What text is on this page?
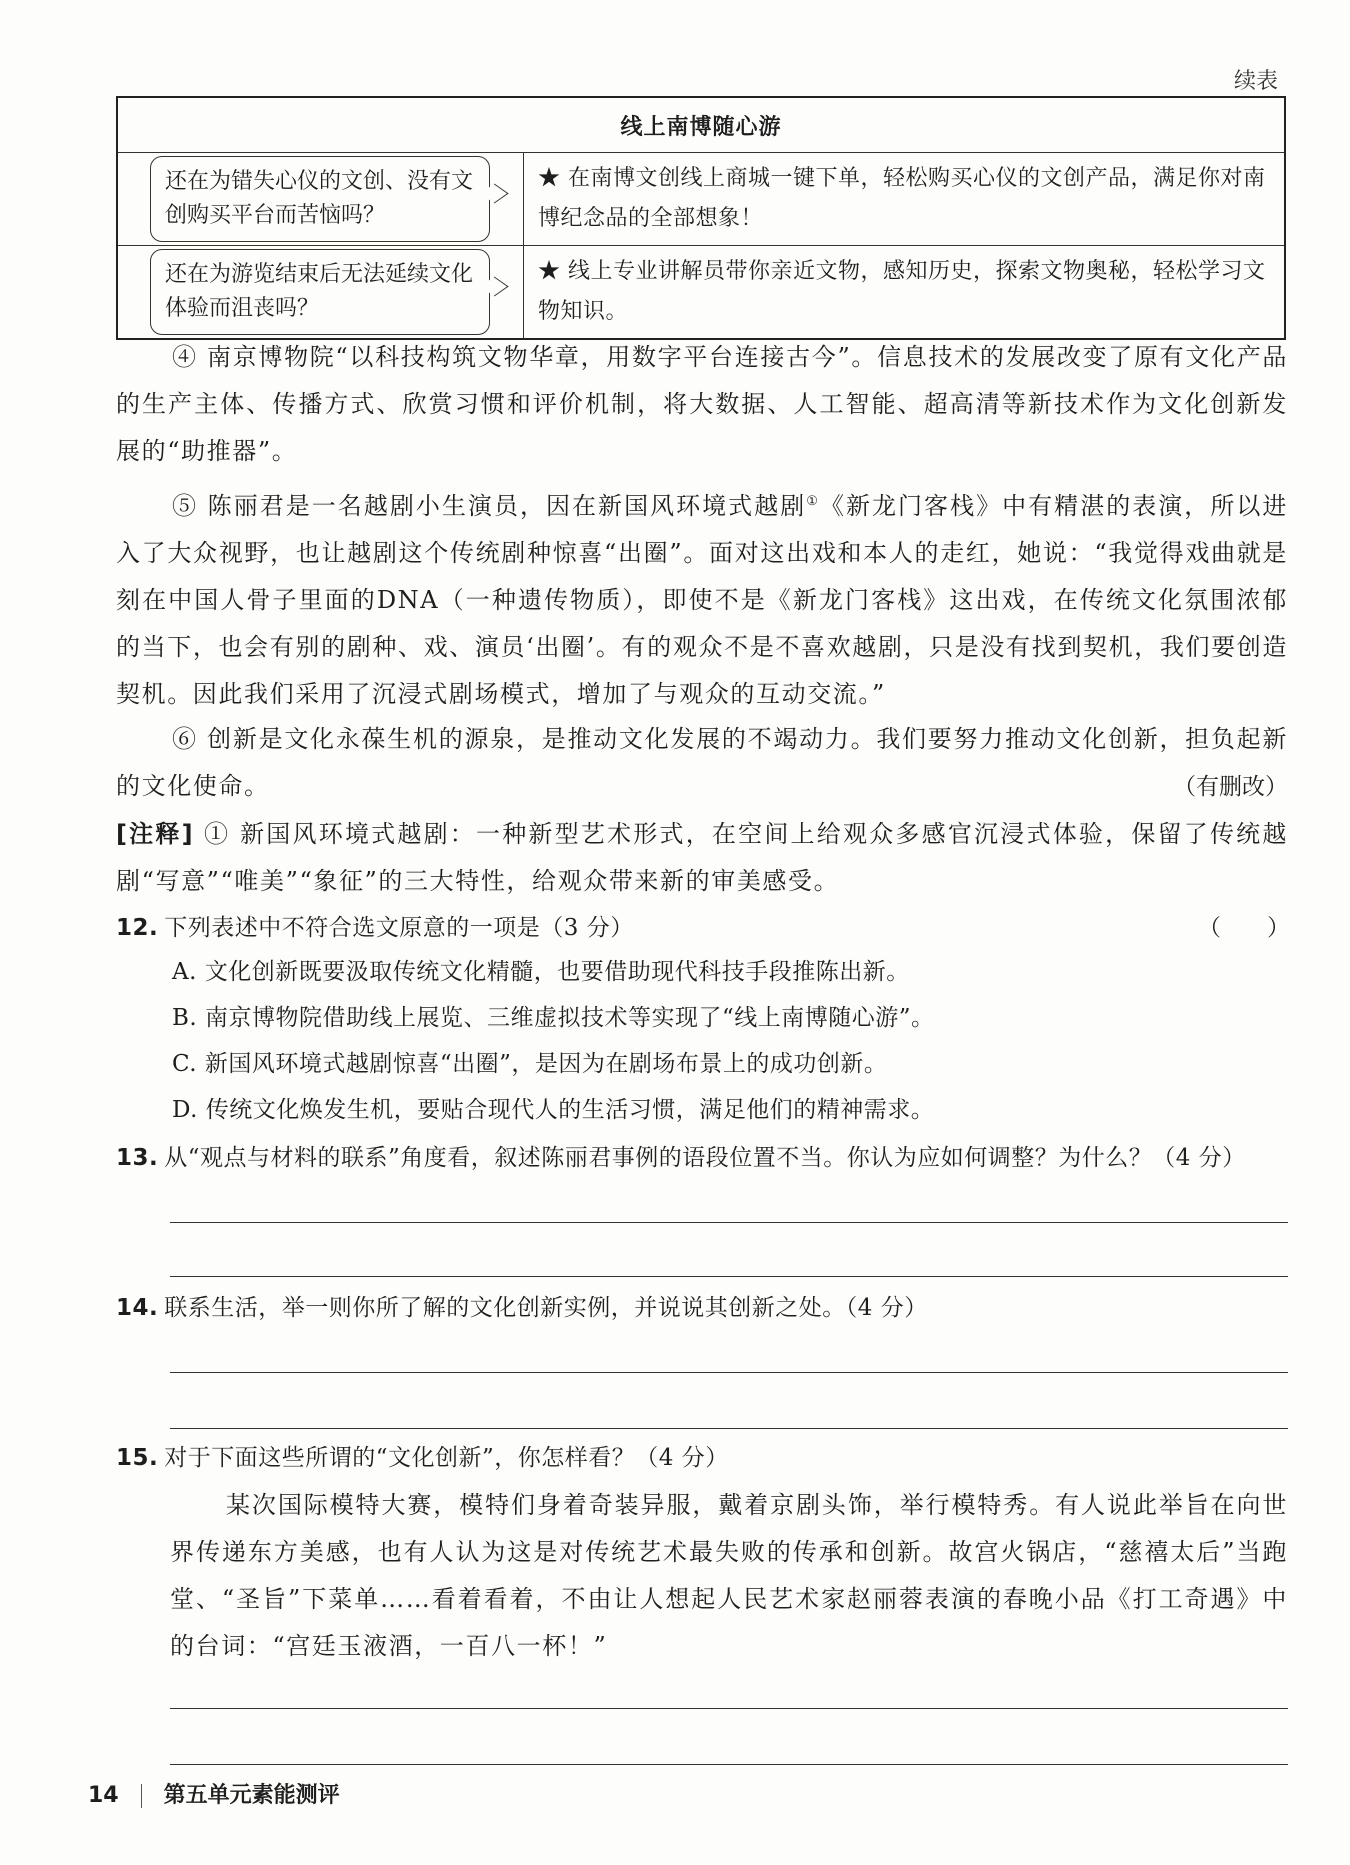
续表
线上南博随心游	

还在为错失心仪的文创、没有文创购买平台而苦恼吗？	★ 在南博文创线上商城一键下单，轻松购买心仪的文创产品，满足你对南博纪念品的全部想象！

还在为游览结束后无法延续文化体验而沮丧吗？	★ 线上专业讲解员带你亲近文物，感知历史，探索文物奥秘，轻松学习文物知识。
④ 南京博物院“以科技构筑文物华章，用数字平台连接古今”。信息技术的发展改变了原有文化产品的生产主体、传播方式、欣赏习惯和评价机制，将大数据、人工智能、超高清等新技术作为文化创新发展的“助推器”。
⑤ 陈丽君是一名越剧小生演员，因在新国风环境式越剧①《新龙门客栈》中有精湛的表演，所以进入了大众视野，也让越剧这个传统剧种惊喜“出圈”。面对这出戏和本人的走红，她说：“我觉得戏曲就是刻在中国人骨子里面的DNA（一种遗传物质），即使不是《新龙门客栈》这出戏，在传统文化氛围浓郁的当下，也会有别的剧种、戏、演员‘出圈’。有的观众不是不喜欢越剧，只是没有找到契机，我们要创造契机。因此我们采用了沉浸式剧场模式，增加了与观众的互动交流。”
⑥ 创新是文化永葆生机的源泉，是推动文化发展的不竭动力。我们要努力推动文化创新，担负起新的文化使命。	（有删改）
[注释] ① 新国风环境式越剧：一种新型艺术形式，在空间上给观众多感官沉浸式体验，保留了传统越剧“写意”“唯美”“象征”的三大特性，给观众带来新的审美感受。
12. 下列表述中不符合选文原意的一项是（3 分）	（　　）
A. 文化创新既要汲取传统文化精髓，也要借助现代科技手段推陈出新。
B. 南京博物院借助线上展览、三维虚拟技术等实现了“线上南博随心游”。
C. 新国风环境式越剧惊喜“出圈”，是因为在剧场布景上的成功创新。
D. 传统文化焕发生机，要贴合现代人的生活习惯，满足他们的精神需求。
13. 从“观点与材料的联系”角度看，叙述陈丽君事例的语段位置不当。你认为应如何调整？为什么？（4 分）
14. 联系生活，举一则你所了解的文化创新实例，并说说其创新之处。（4 分）
15. 对于下面这些所谓的“文化创新”，你怎样看？（4 分）
某次国际模特大赛，模特们身着奇装异服，戴着京剧头饰，举行模特秀。有人说此举旨在向世界传递东方美感，也有人认为这是对传统艺术最失败的传承和创新。故宫火锅店，“慈禧太后”当跑堂、“圣旨”下菜单……看着看着，不由让人想起人民艺术家赵丽蓉表演的春晚小品《打工奇遇》中的台词：“宫廷玉液酒，一百八一杯！”
14 第五单元素能测评
